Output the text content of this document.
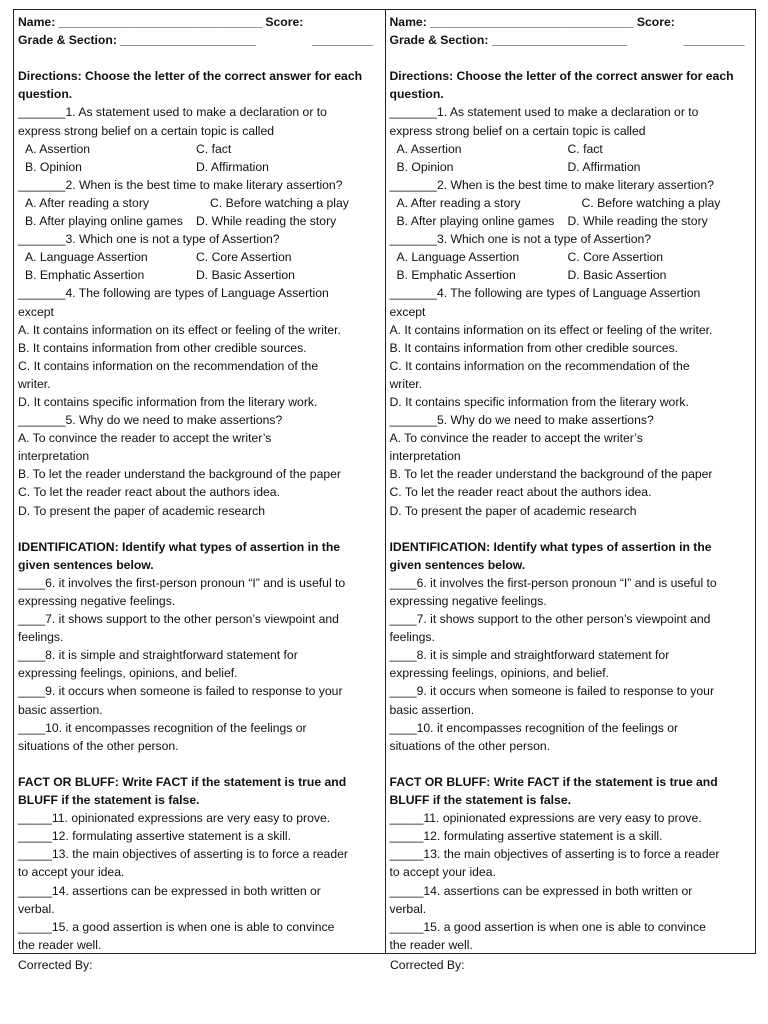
Name: ______________________________ Score:
Grade & Section: ____________________	_________
Directions: Choose the letter of the correct answer for each
question.
_______1. As statement used to make a declaration or to
express strong belief on a certain topic is called
A. Assertion	C. fact
B. Opinion	D. Affirmation
_______2. When is the best time to make literary assertion?
A. After reading a story	C. Before watching a play
B. After playing online games	D. While reading the story
_______3. Which one is not a type of Assertion?
A. Language Assertion	C. Core Assertion
B. Emphatic Assertion	D. Basic Assertion
_______4. The following are types of Language Assertion
except
A. It contains information on its effect or feeling of the writer.
B. It contains information from other credible sources.
C. It contains information on the recommendation of the
writer.
D. It contains specific information from the literary work.
_______5. Why do we need to make assertions?
A. To convince the reader to accept the writer’s
interpretation
B. To let the reader understand the background of the paper
C. To let the reader react about the authors idea.
D. To present the paper of academic research
IDENTIFICATION: Identify what types of assertion in the
given sentences below.
____6. it involves the first-person pronoun “I” and is useful to
expressing negative feelings.
____7. it shows support to the other person’s viewpoint and
feelings.
____8. it is simple and straightforward statement for
expressing feelings, opinions, and belief.
____9. it occurs when someone is failed to response to your
basic assertion.
____10. it encompasses recognition of the feelings or
situations of the other person.
FACT OR BLUFF: Write FACT if the statement is true and
BLUFF if the statement is false.
_____11. opinionated expressions are very easy to prove.
_____12. formulating assertive statement is a skill.
_____13. the main objectives of asserting is to force a reader
to accept your idea.
_____14. assertions can be expressed in both written or
verbal.
_____15. a good assertion is when one is able to convince
the reader well.
Name: ______________________________ Score:
Grade & Section: ____________________	_________
Directions: Choose the letter of the correct answer for each
question.
_______1. As statement used to make a declaration or to
express strong belief on a certain topic is called
A. Assertion	C. fact
B. Opinion	D. Affirmation
_______2. When is the best time to make literary assertion?
A. After reading a story	C. Before watching a play
B. After playing online games	D. While reading the story
_______3. Which one is not a type of Assertion?
A. Language Assertion	C. Core Assertion
B. Emphatic Assertion	D. Basic Assertion
_______4. The following are types of Language Assertion
except
A. It contains information on its effect or feeling of the writer.
B. It contains information from other credible sources.
C. It contains information on the recommendation of the
writer.
D. It contains specific information from the literary work.
_______5. Why do we need to make assertions?
A. To convince the reader to accept the writer’s
interpretation
B. To let the reader understand the background of the paper
C. To let the reader react about the authors idea.
D. To present the paper of academic research
IDENTIFICATION: Identify what types of assertion in the
given sentences below.
____6. it involves the first-person pronoun “I” and is useful to
expressing negative feelings.
____7. it shows support to the other person’s viewpoint and
feelings.
____8. it is simple and straightforward statement for
expressing feelings, opinions, and belief.
____9. it occurs when someone is failed to response to your
basic assertion.
____10. it encompasses recognition of the feelings or
situations of the other person.
FACT OR BLUFF: Write FACT if the statement is true and
BLUFF if the statement is false.
_____11. opinionated expressions are very easy to prove.
_____12. formulating assertive statement is a skill.
_____13. the main objectives of asserting is to force a reader
to accept your idea.
_____14. assertions can be expressed in both written or
verbal.
_____15. a good assertion is when one is able to convince
the reader well.
Corrected By:	Corrected By:
